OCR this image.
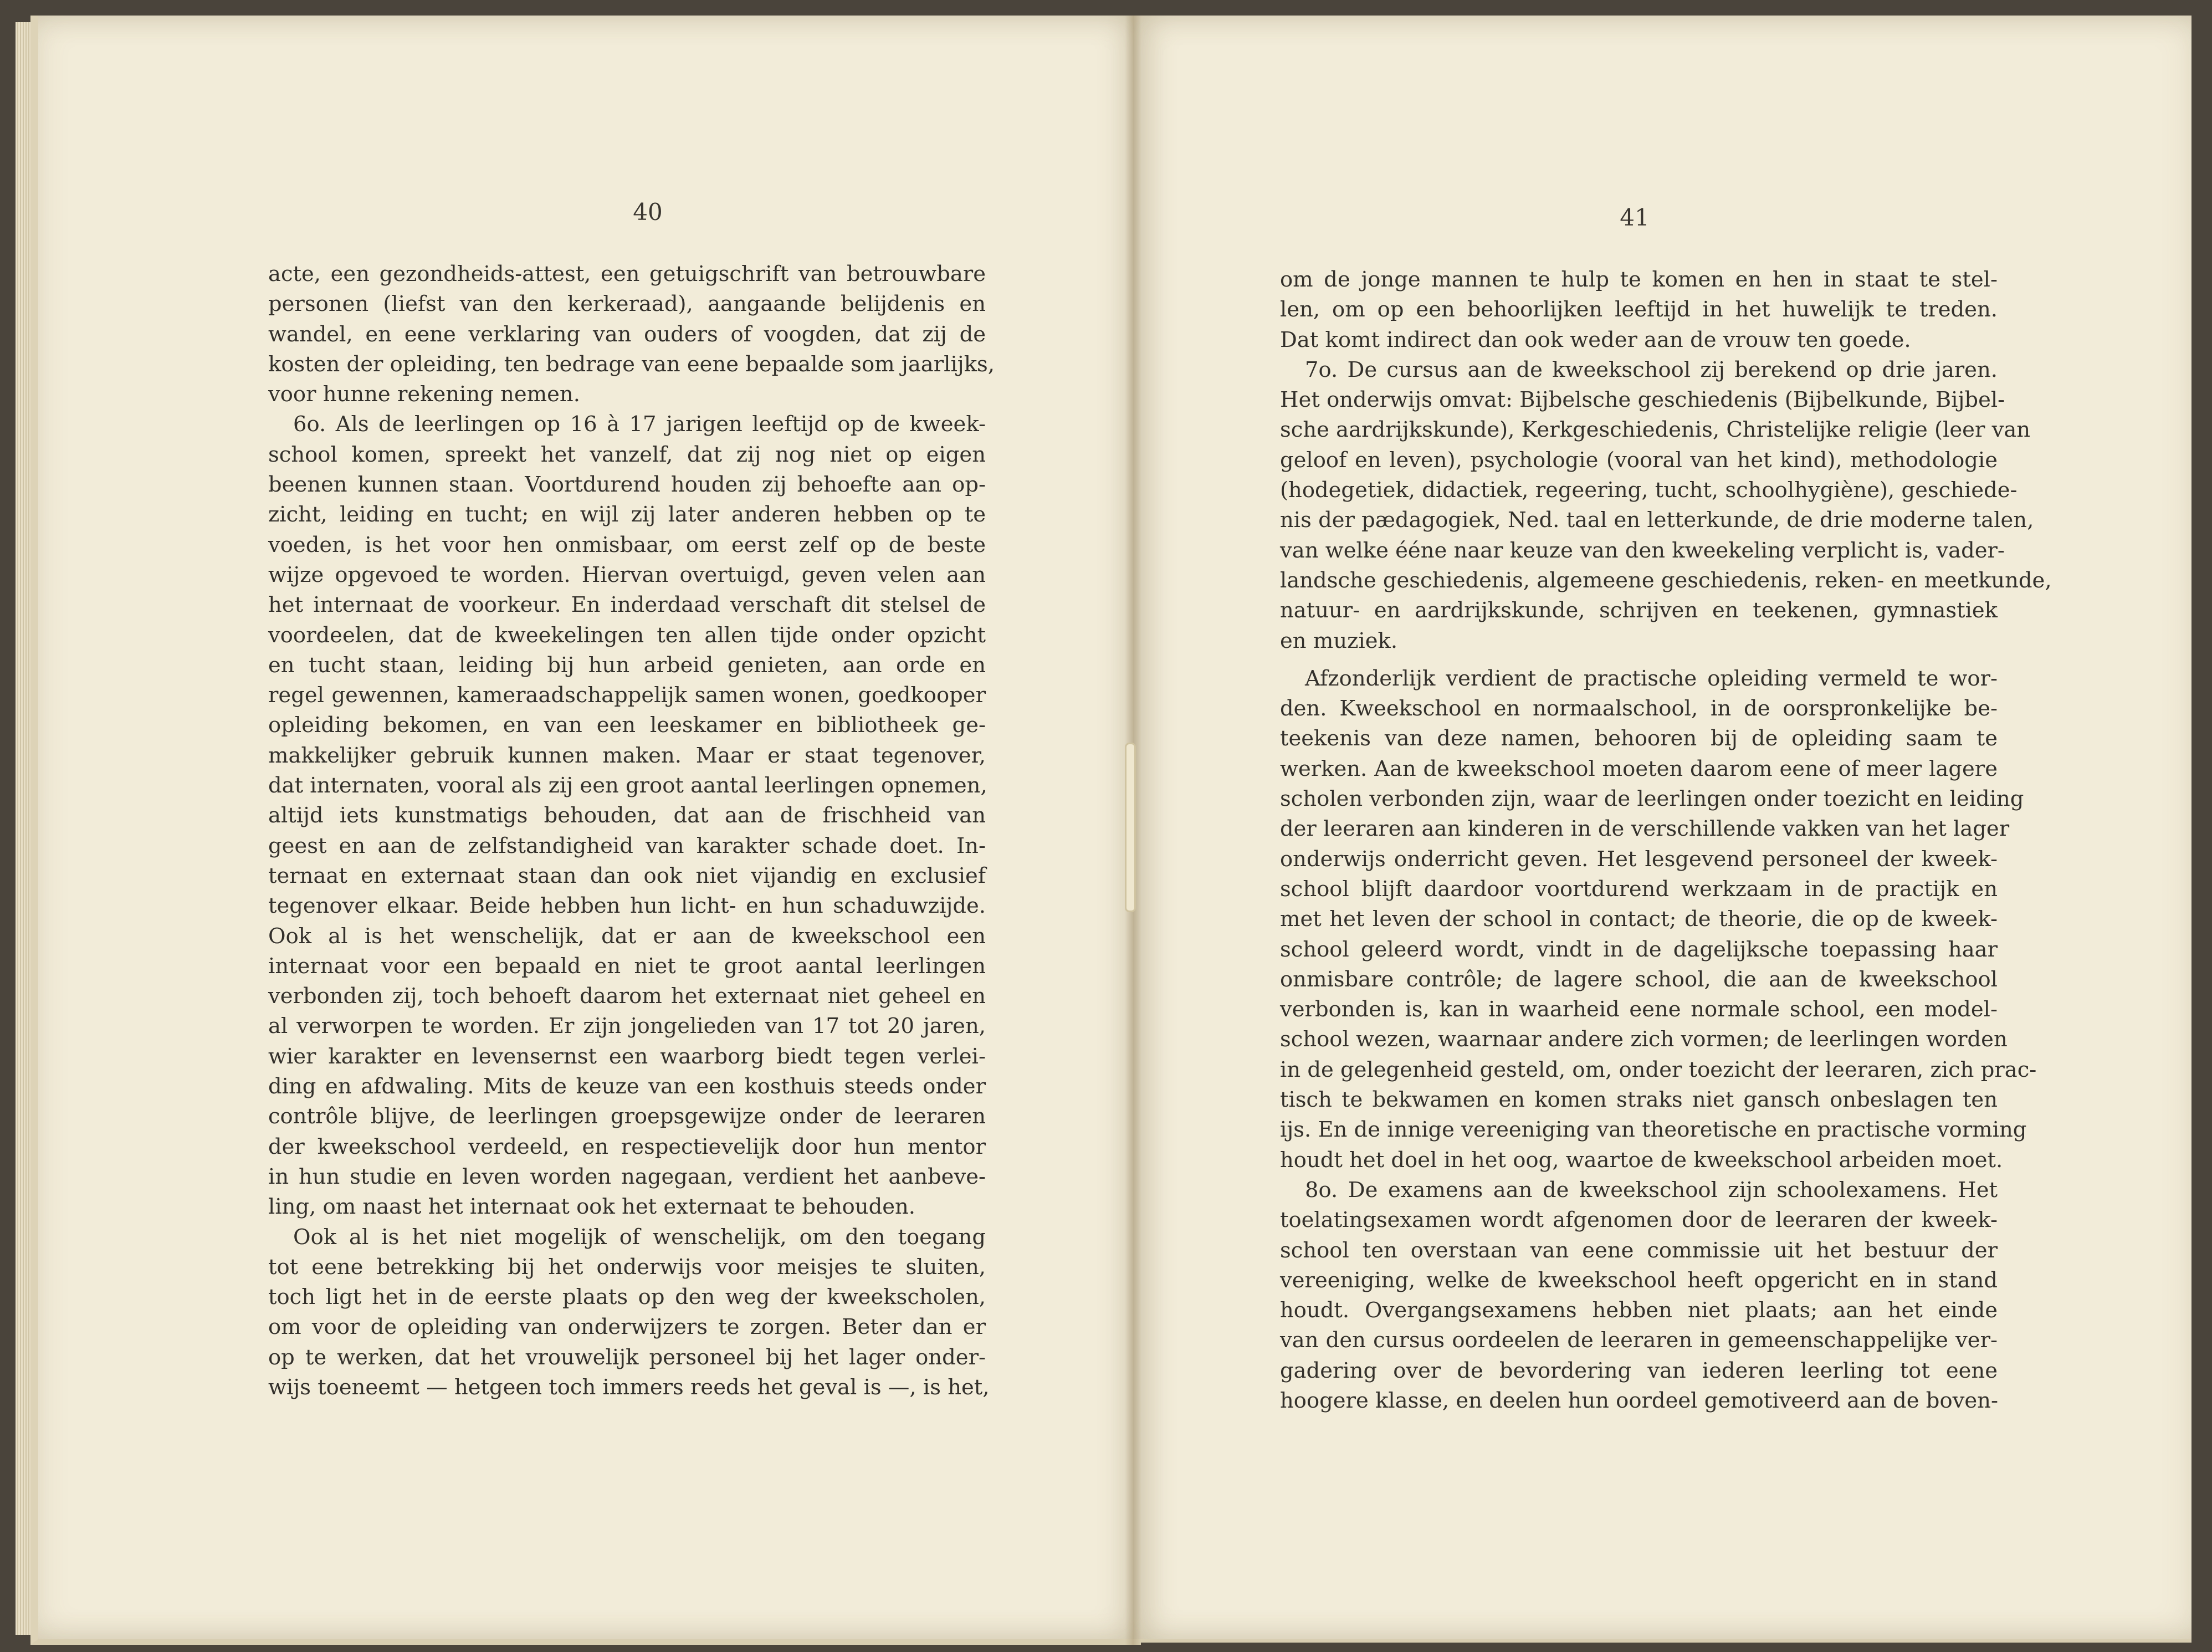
40
acte, een gezondheids-attest, een getuigschrift van betrouwbare
personen (liefst van den kerkeraad), aangaande belijdenis en
wandel, en eene verklaring van ouders of voogden, dat zij de
kosten der opleiding, ten bedrage van eene bepaalde som jaarlijks,
voor hunne rekening nemen.
6o. Als de leerlingen op 16 à 17 jarigen leeftijd op de kweek-
school komen, spreekt het vanzelf, dat zij nog niet op eigen
beenen kunnen staan. Voortdurend houden zij behoefte aan op-
zicht, leiding en tucht; en wijl zij later anderen hebben op te
voeden, is het voor hen onmisbaar, om eerst zelf op de beste
wijze opgevoed te worden. Hiervan overtuigd, geven velen aan
het internaat de voorkeur. En inderdaad verschaft dit stelsel de
voordeelen, dat de kweekelingen ten allen tijde onder opzicht
en tucht staan, leiding bij hun arbeid genieten, aan orde en
regel gewennen, kameraadschappelijk samen wonen, goedkooper
opleiding bekomen, en van een leeskamer en bibliotheek ge-
makkelijker gebruik kunnen maken. Maar er staat tegenover,
dat internaten, vooral als zij een groot aantal leerlingen opnemen,
altijd iets kunstmatigs behouden, dat aan de frischheid van
geest en aan de zelfstandigheid van karakter schade doet. In-
ternaat en externaat staan dan ook niet vijandig en exclusief
tegenover elkaar. Beide hebben hun licht- en hun schaduwzijde.
Ook al is het wenschelijk, dat er aan de kweekschool een
internaat voor een bepaald en niet te groot aantal leerlingen
verbonden zij, toch behoeft daarom het externaat niet geheel en
al verworpen te worden. Er zijn jongelieden van 17 tot 20 jaren,
wier karakter en levensernst een waarborg biedt tegen verlei-
ding en afdwaling. Mits de keuze van een kosthuis steeds onder
contrôle blijve, de leerlingen groepsgewijze onder de leeraren
der kweekschool verdeeld, en respectievelijk door hun mentor
in hun studie en leven worden nagegaan, verdient het aanbeve-
ling, om naast het internaat ook het externaat te behouden.
Ook al is het niet mogelijk of wenschelijk, om den toegang
tot eene betrekking bij het onderwijs voor meisjes te sluiten,
toch ligt het in de eerste plaats op den weg der kweekscholen,
om voor de opleiding van onderwijzers te zorgen. Beter dan er
op te werken, dat het vrouwelijk personeel bij het lager onder-
wijs toeneemt — hetgeen toch immers reeds het geval is —, is het,
41
om de jonge mannen te hulp te komen en hen in staat te stel-
len, om op een behoorlijken leeftijd in het huwelijk te treden.
Dat komt indirect dan ook weder aan de vrouw ten goede.
7o. De cursus aan de kweekschool zij berekend op drie jaren.
Het onderwijs omvat: Bijbelsche geschiedenis (Bijbelkunde, Bijbel-
sche aardrijkskunde), Kerkgeschiedenis, Christelijke religie (leer van
geloof en leven), psychologie (vooral van het kind), methodologie
(hodegetiek, didactiek, regeering, tucht, schoolhygiène), geschiede-
nis der pædagogiek, Ned. taal en letterkunde, de drie moderne talen,
van welke ééne naar keuze van den kweekeling verplicht is, vader-
landsche geschiedenis, algemeene geschiedenis, reken- en meetkunde,
natuur- en aardrijkskunde, schrijven en teekenen, gymnastiek
en muziek.
Afzonderlijk verdient de practische opleiding vermeld te wor-
den. Kweekschool en normaalschool, in de oorspronkelijke be-
teekenis van deze namen, behooren bij de opleiding saam te
werken. Aan de kweekschool moeten daarom eene of meer lagere
scholen verbonden zijn, waar de leerlingen onder toezicht en leiding
der leeraren aan kinderen in de verschillende vakken van het lager
onderwijs onderricht geven. Het lesgevend personeel der kweek-
school blijft daardoor voortdurend werkzaam in de practijk en
met het leven der school in contact; de theorie, die op de kweek-
school geleerd wordt, vindt in de dagelijksche toepassing haar
onmisbare contrôle; de lagere school, die aan de kweekschool
verbonden is, kan in waarheid eene normale school, een model-
school wezen, waarnaar andere zich vormen; de leerlingen worden
in de gelegenheid gesteld, om, onder toezicht der leeraren, zich prac-
tisch te bekwamen en komen straks niet gansch onbeslagen ten
ijs. En de innige vereeniging van theoretische en practische vorming
houdt het doel in het oog, waartoe de kweekschool arbeiden moet.
8o. De examens aan de kweekschool zijn schoolexamens. Het
toelatingsexamen wordt afgenomen door de leeraren der kweek-
school ten overstaan van eene commissie uit het bestuur der
vereeniging, welke de kweekschool heeft opgericht en in stand
houdt. Overgangsexamens hebben niet plaats; aan het einde
van den cursus oordeelen de leeraren in gemeenschappelijke ver-
gadering over de bevordering van iederen leerling tot eene
hoogere klasse, en deelen hun oordeel gemotiveerd aan de boven-
